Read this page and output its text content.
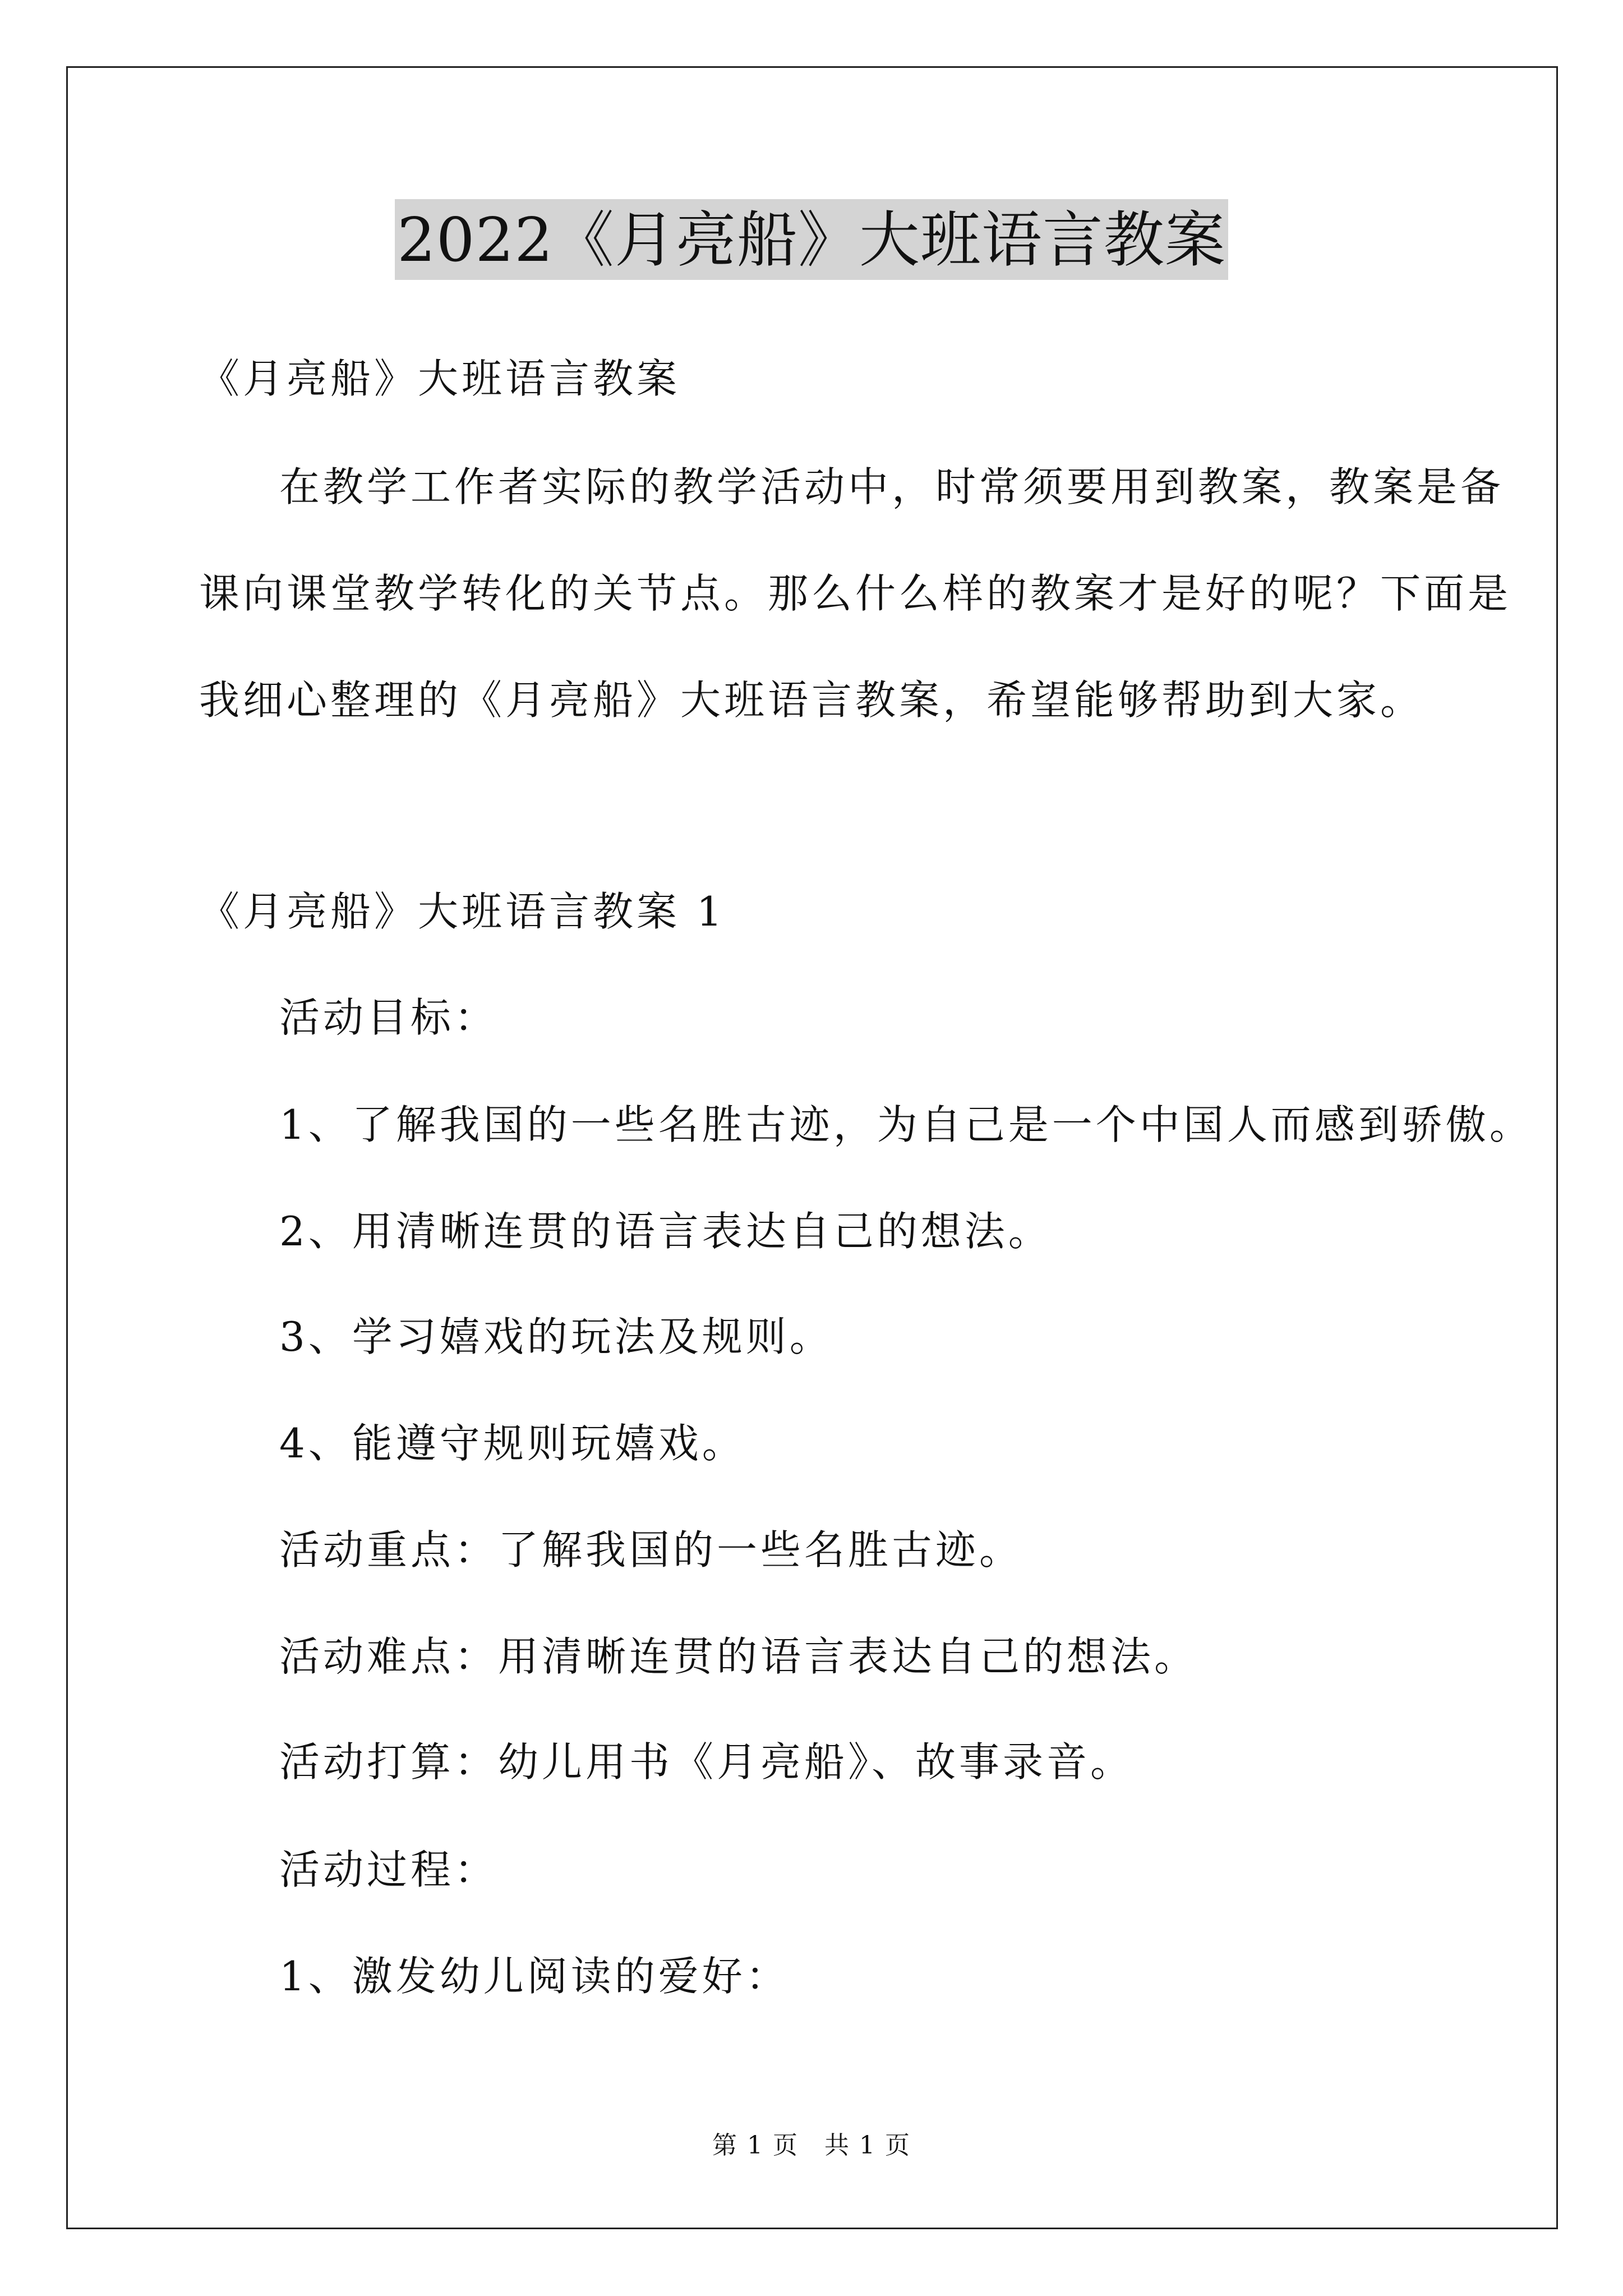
2022《月亮船》大班语言教案
《月亮船》大班语言教案
在教学工作者实际的教学活动中，时常须要用到教案，教案是备
课向课堂教学转化的关节点。那么什么样的教案才是好的呢？下面是
我细心整理的《月亮船》大班语言教案，希望能够帮助到大家。
《月亮船》大班语言教案 1
活动目标：
1、了解我国的一些名胜古迹，为自己是一个中国人而感到骄傲。
2、用清晰连贯的语言表达自己的想法。
3、学习嬉戏的玩法及规则。
4、能遵守规则玩嬉戏。
活动重点：了解我国的一些名胜古迹。
活动难点：用清晰连贯的语言表达自己的想法。
活动打算：幼儿用书《月亮船》、故事录音。
活动过程：
1、激发幼儿阅读的爱好：
第 1 页　共 1 页
